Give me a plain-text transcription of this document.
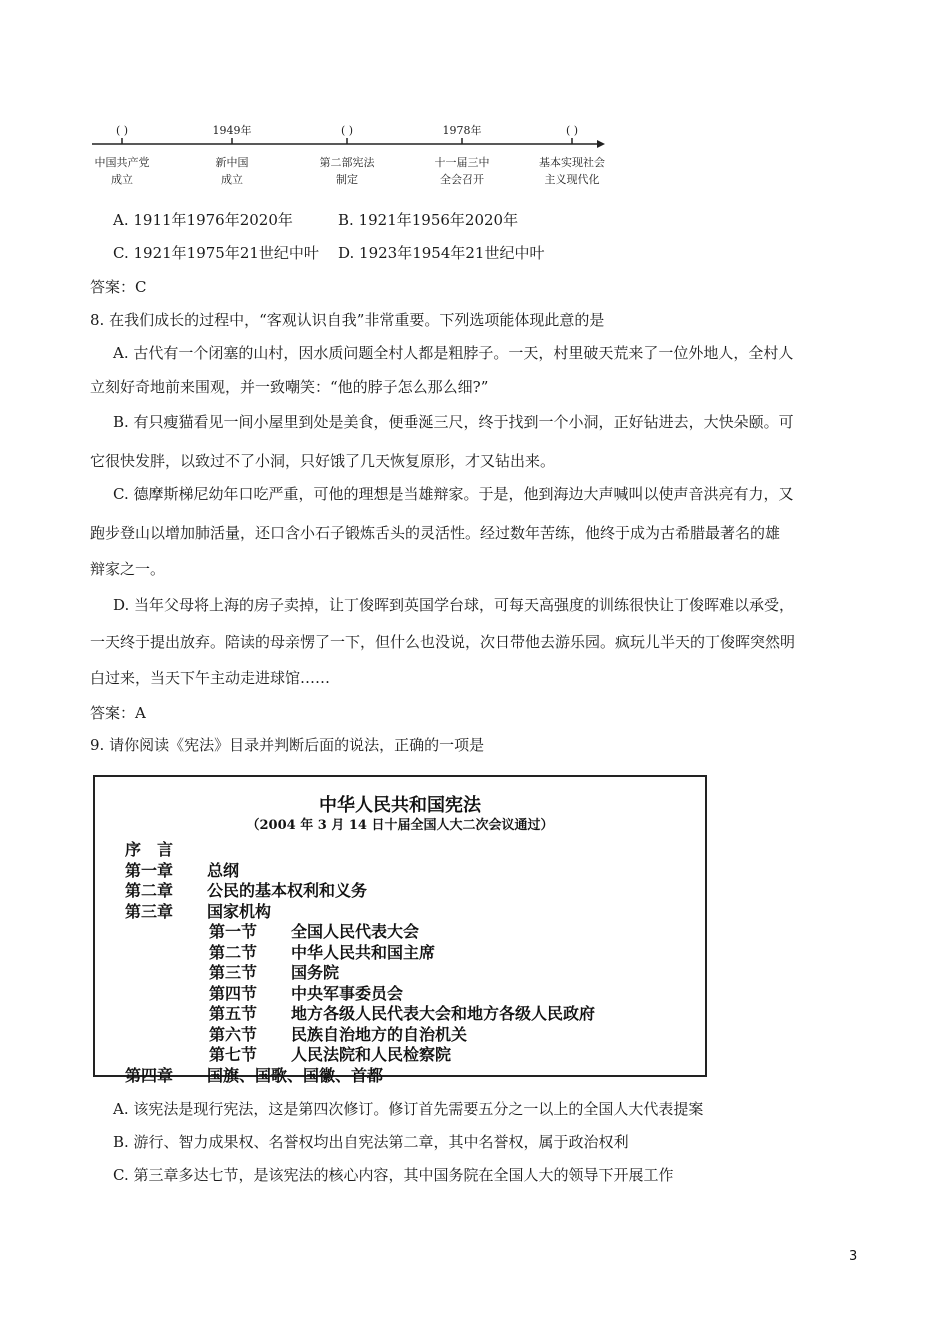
( )	1949年	( )	1978年	( )
中国共产党
成立
新中国
成立
第二部宪法
制定
十一届三中
全会召开
基本实现社会
主义现代化
A. 1911年1976年2020年	B. 1921年1956年2020年
C. 1921年1975年21世纪中叶 D. 1923年1954年21世纪中叶
答案：C
8. 在我们成长的过程中，“客观认识自我”非常重要。下列选项能体现此意的是
A. 古代有一个闭塞的山村，因水质问题全村人都是粗脖子。一天，村里破天荒来了一位外地人，全村人
立刻好奇地前来围观，并一致嘲笑：“他的脖子怎么那么细?”
B. 有只瘦猫看见一间小屋里到处是美食，便垂涎三尺，终于找到一个小洞，正好钻进去，大快朵颐。可
它很快发胖，以致过不了小洞，只好饿了几天恢复原形，才又钻出来。
C. 德摩斯梯尼幼年口吃严重，可他的理想是当雄辩家。于是，他到海边大声喊叫以使声音洪亮有力，又
跑步登山以增加肺活量，还口含小石子锻炼舌头的灵活性。经过数年苦练，他终于成为古希腊最著名的雄
辩家之一。
D. 当年父母将上海的房子卖掉，让丁俊晖到英国学台球，可每天高强度的训练很快让丁俊晖难以承受，
一天终于提出放弃。陪读的母亲愣了一下，但什么也没说，次日带他去游乐园。疯玩儿半天的丁俊晖突然明
白过来，当天下午主动走进球馆……
答案：A
9. 请你阅读《宪法》目录并判断后面的说法，正确的一项是
中华人民共和国宪法
（2004 年 3 月 14 日十届全国人大二次会议通过）
序　言
第一章 总纲
第二章 公民的基本权利和义务
第三章 国家机构
第一节 全国人民代表大会
第二节 中华人民共和国主席
第三节 国务院
第四节 中央军事委员会
第五节 地方各级人民代表大会和地方各级人民政府
第六节 民族自治地方的自治机关
第七节 人民法院和人民检察院
第四章 国旗、国歌、国徽、首都
A. 该宪法是现行宪法，这是第四次修订。修订首先需要五分之一以上的全国人大代表提案
B. 游行、智力成果权、名誉权均出自宪法第二章，其中名誉权，属于政治权利
C. 第三章多达七节，是该宪法的核心内容，其中国务院在全国人大的领导下开展工作
3
